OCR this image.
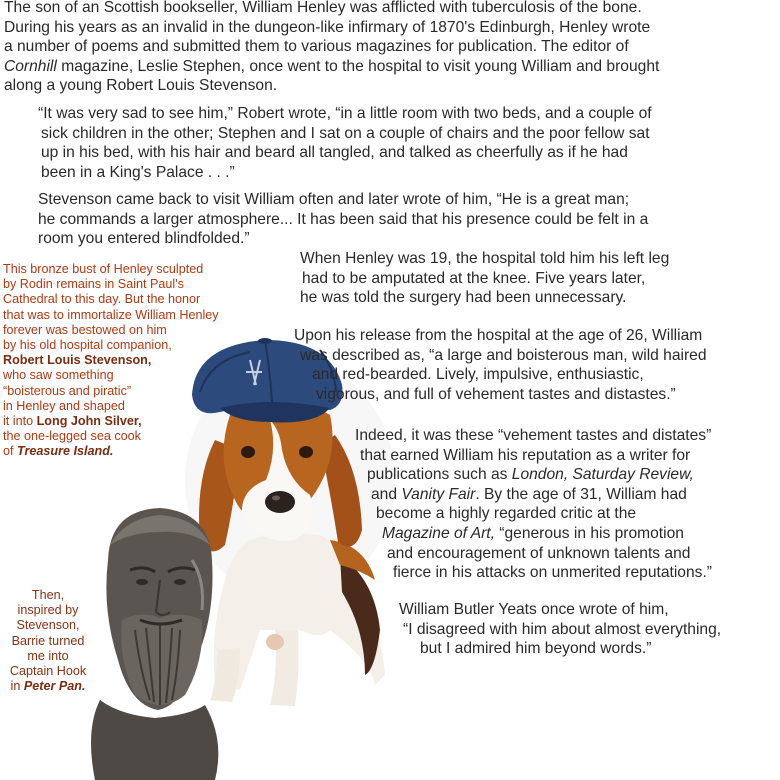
The son of an Scottish bookseller, William Henley was afflicted with tuberculosis of the bone.
During his years as an invalid in the dungeon-like infirmary of 1870's Edinburgh, Henley wrote
a number of poems and submitted them to various magazines for publication. The editor of
Cornhill magazine, Leslie Stephen, once went to the hospital to visit young William and brought
along a young Robert Louis Stevenson.
“It was very sad to see him,” Robert wrote, “in a little room with two beds, and a couple of
sick children in the other; Stephen and I sat on a couple of chairs and the poor fellow sat
up in his bed, with his hair and beard all tangled, and talked as cheerfully as if he had
been in a King's Palace . . .”
Stevenson came back to visit William often and later wrote of him, “He is a great man;
he commands a larger atmosphere... It has been said that his presence could be felt in a
room you entered blindfolded.”
When Henley was 19, the hospital told him his left leg
had to be amputated at the knee. Five years later,
he was told the surgery had been unnecessary.
Upon his release from the hospital at the age of 26, William
was described as, “a large and boisterous man, wild haired
and red-bearded. Lively, impulsive, enthusiastic,
vigorous, and full of vehement tastes and distastes.”
Indeed, it was these “vehement tastes and distates”
that earned William his reputation as a writer for
publications such as London, Saturday Review,
and Vanity Fair. By the age of 31, William had
become a highly regarded critic at the
Magazine of Art, “generous in his promotion
and encouragement of unknown talents and
fierce in his attacks on unmerited reputations.”
William Butler Yeats once wrote of him,
“I disagreed with him about almost everything,
but I admired him beyond words.”
This bronze bust of Henley sculpted
by Rodin remains in Saint Paul's
Cathedral to this day. But the honor
that was to immortalize William Henley
forever was bestowed on him
by his old hospital companion,
Robert Louis Stevenson,
who saw something
“boisterous and piratic”
in Henley and shaped
it into Long John Silver,
the one-legged sea cook
of Treasure Island.
Then,
inspired by
Stevenson,
Barrie turned
me into
Captain Hook
in Peter Pan.
